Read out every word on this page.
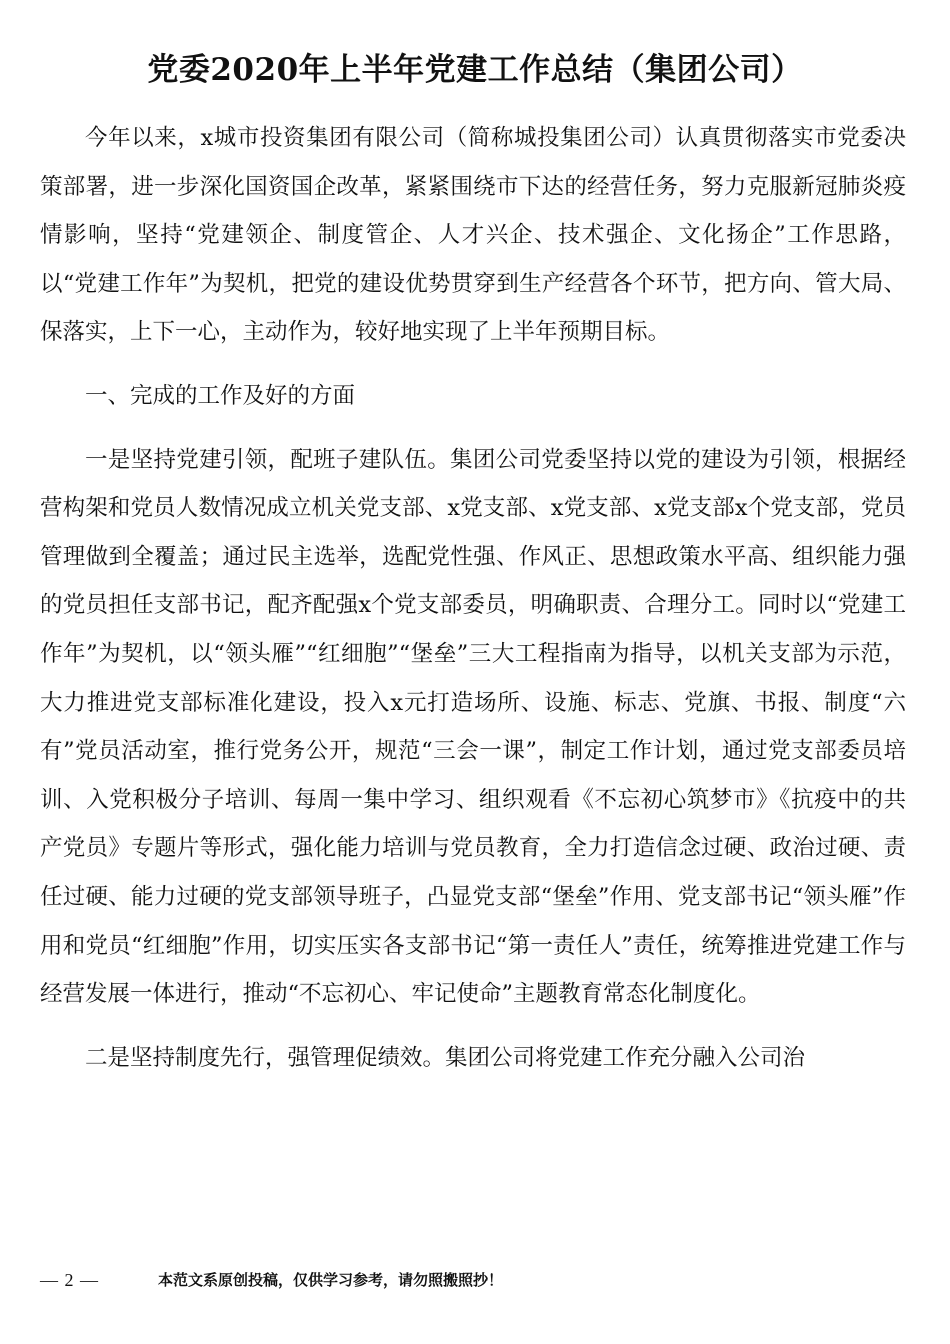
党委2020年上半年党建工作总结（集团公司）

今年以来，x城市投资集团有限公司（简称城投集团公司）认真贯彻落实市党委决策部署，进一步深化国资国企改革，紧紧围绕市下达的经营任务，努力克服新冠肺炎疫情影响，坚持“党建领企、制度管企、人才兴企、技术强企、文化扬企”工作思路，以“党建工作年”为契机，把党的建设优势贯穿到生产经营各个环节，把方向、管大局、保落实，上下一心，主动作为，较好地实现了上半年预期目标。

一、完成的工作及好的方面

一是坚持党建引领，配班子建队伍。集团公司党委坚持以党的建设为引领，根据经营构架和党员人数情况成立机关党支部、x党支部、x党支部、x党支部x个党支部，党员管理做到全覆盖；通过民主选举，选配党性强、作风正、思想政策水平高、组织能力强的党员担任支部书记，配齐配强x个党支部委员，明确职责、合理分工。同时以“党建工作年”为契机，以“领头雁”“红细胞”“堡垒”三大工程指南为指导，以机关支部为示范，大力推进党支部标准化建设，投入x元打造场所、设施、标志、党旗、书报、制度“六有”党员活动室，推行党务公开，规范“三会一课”，制定工作计划，通过党支部委员培训、入党积极分子培训、每周一集中学习、组织观看《不忘初心筑梦市》《抗疫中的共产党员》专题片等形式，强化能力培训与党员教育，全力打造信念过硬、政治过硬、责任过硬、能力过硬的党支部领导班子，凸显党支部“堡垒”作用、党支部书记“领头雁”作用和党员“红细胞”作用，切实压实各支部书记“第一责任人”责任，统筹推进党建工作与经营发展一体进行，推动“不忘初心、牢记使命”主题教育常态化制度化。

二是坚持制度先行，强管理促绩效。集团公司将党建工作充分融入公司治

— 2 —	本范文系原创投稿，仅供学习参考，请勿照搬照抄！
